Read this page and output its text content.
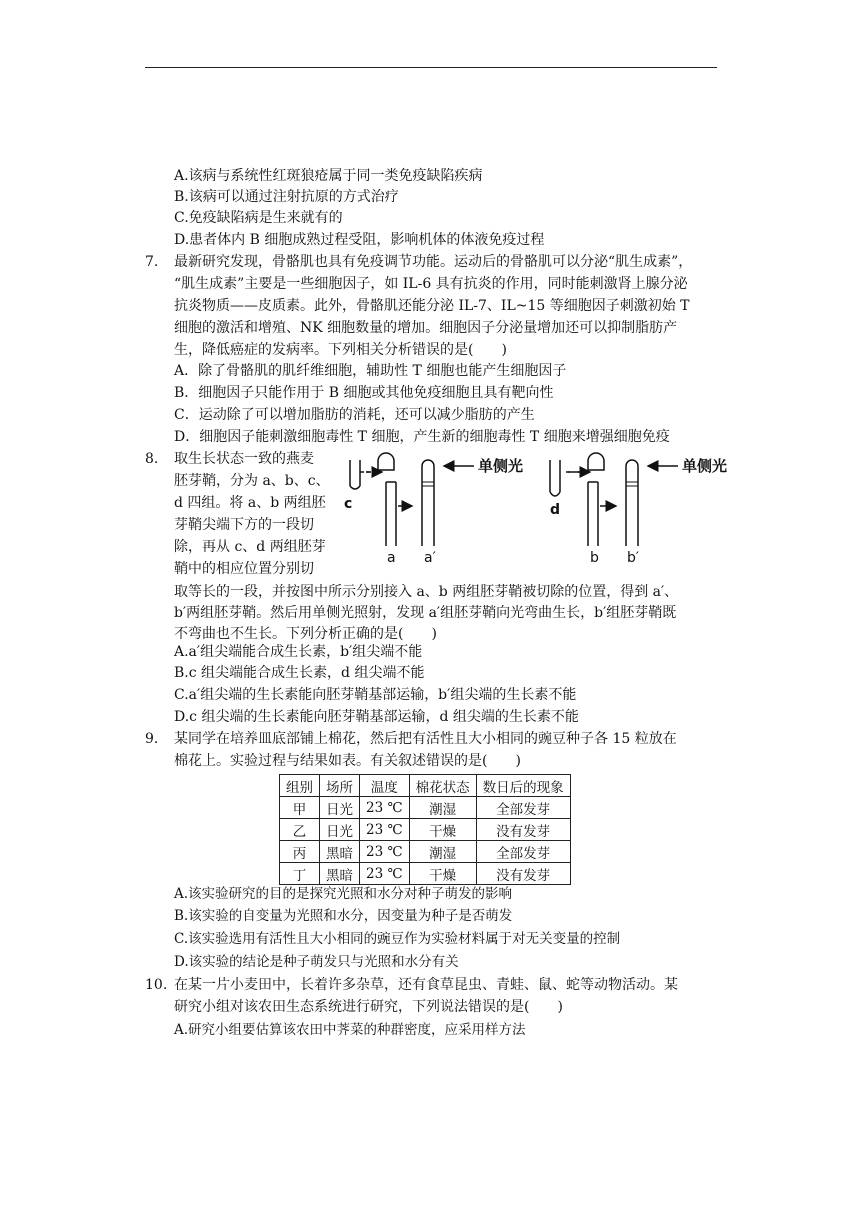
A.该病与系统性红斑狼疮属于同一类免疫缺陷疾病
B.该病可以通过注射抗原的方式治疗
C.免疫缺陷病是生来就有的
D.患者体内 B 细胞成熟过程受阻，影响机体的体液免疫过程
7. 最新研究发现，骨骼肌也具有免疫调节功能。运动后的骨骼肌可以分泌“肌生成素”，
“肌生成素”主要是一些细胞因子，如 IL-6 具有抗炎的作用，同时能刺激肾上腺分泌
抗炎物质——皮质素。此外，骨骼肌还能分泌 IL-7、IL~15 等细胞因子刺激初始 T
细胞的激活和增殖、NK 细胞数量的增加。细胞因子分泌量增加还可以抑制脂肪产
生，降低癌症的发病率。下列相关分析错误的是(　　)
A．除了骨骼肌的肌纤维细胞，辅助性 T 细胞也能产生细胞因子
B．细胞因子只能作用于 B 细胞或其他免疫细胞且具有靶向性
C．运动除了可以增加脂肪的消耗，还可以减少脂肪的产生
D．细胞因子能刺激细胞毒性 T 细胞，产生新的细胞毒性 T 细胞来增强细胞免疫
8. 取生长状态一致的燕麦
胚芽鞘，分为 a、b、c、
d 四组。将 a、b 两组胚
芽鞘尖端下方的一段切
除，再从 c、d 两组胚芽
鞘中的相应位置分别切
单侧光	单侧光
c
a a′
d
b b′
取等长的一段，并按图中所示分别接入 a、b 两组胚芽鞘被切除的位置，得到 a′、
b′两组胚芽鞘。然后用单侧光照射，发现 a′组胚芽鞘向光弯曲生长，b′组胚芽鞘既
不弯曲也不生长。下列分析正确的是(　　)
A.a′组尖端能合成生长素，b′组尖端不能
B.c 组尖端能合成生长素，d 组尖端不能
C.a′组尖端的生长素能向胚芽鞘基部运输，b′组尖端的生长素不能
D.c 组尖端的生长素能向胚芽鞘基部运输，d 组尖端的生长素不能
9. 某同学在培养皿底部铺上棉花，然后把有活性且大小相同的豌豆种子各 15 粒放在
棉花上。实验过程与结果如表。有关叙述错误的是(　　)
组别	场所	温度	棉花状态	数日后的现象
甲	日光	23 ℃	潮湿	全部发芽
乙	日光	23 ℃	干燥	没有发芽
丙	黑暗	23 ℃	潮湿	全部发芽
丁	黑暗	23 ℃	干燥	没有发芽
A.该实验研究的目的是探究光照和水分对种子萌发的影响
B.该实验的自变量为光照和水分，因变量为种子是否萌发
C.该实验选用有活性且大小相同的豌豆作为实验材料属于对无关变量的控制
D.该实验的结论是种子萌发只与光照和水分有关
10. 在某一片小麦田中，长着许多杂草，还有食草昆虫、青蛙、鼠、蛇等动物活动。某
研究小组对该农田生态系统进行研究，下列说法错误的是(　　)
A.研究小组要估算该农田中荠菜的种群密度，应采用样方法
